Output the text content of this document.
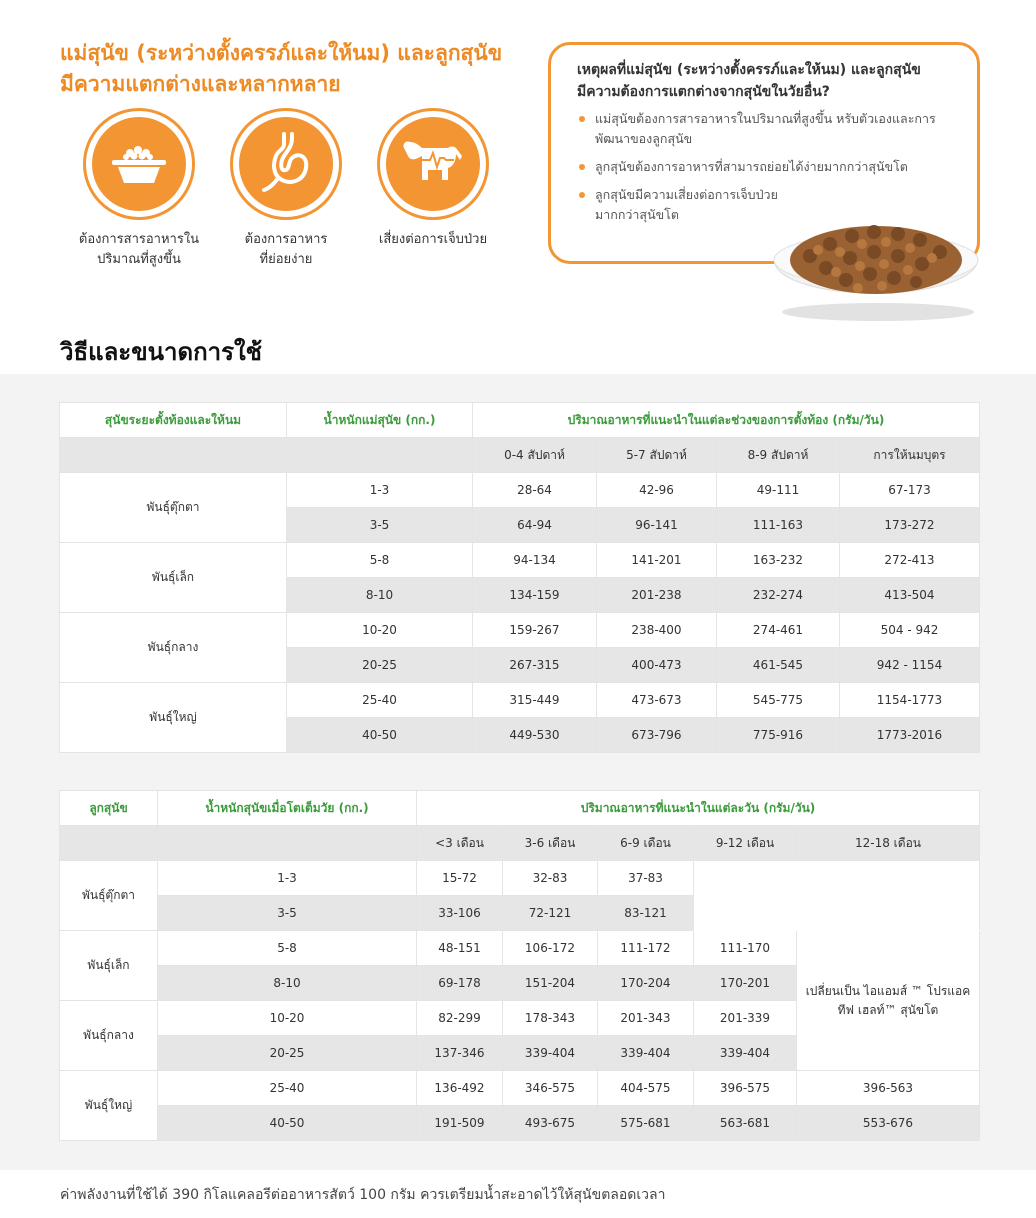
แม่สุนัข (ระหว่างตั้งครรภ์และให้นม) และลูกสุนัข
มีความแตกต่างและหลากหลาย
ต้องการสารอาหารใน
ปริมาณที่สูงขึ้น
ต้องการอาหาร
ที่ย่อยง่าย
เสี่ยงต่อการเจ็บป่วย
เหตุผลที่แม่สุนัข (ระหว่างตั้งครรภ์และให้นม) และลูกสุนัข
มีความต้องการแตกต่างจากสุนัขในวัยอื่น?
แม่สุนัขต้องการสารอาหารในปริมาณที่สูงขึ้น หรับตัวเองและการพัฒนาของลูกสุนัข
ลูกสุนัขต้องการอาหารที่สามารถย่อยได้ง่ายมากกว่าสุนัขโต
ลูกสุนัขมีความเสี่ยงต่อการเจ็บป่วยมากกว่าสุนัขโต
วิธีและขนาดการใช้
สุนัขระยะตั้งท้องและให้นม	น้ำหนักแม่สุนัข (กก.)	ปริมาณอาหารที่แนะนำในแต่ละช่วงของการตั้งท้อง (กรัม/วัน)			
		0-4 สัปดาห์	5-7 สัปดาห์	8-9 สัปดาห์	การให้นมบุตร
พันธุ์ตุ๊กตา	1-3	28-64	42-96	49-111	67-173
	3-5	64-94	96-141	111-163	173-272
พันธุ์เล็ก	5-8	94-134	141-201	163-232	272-413
	8-10	134-159	201-238	232-274	413-504
พันธุ์กลาง	10-20	159-267	238-400	274-461	504 - 942
	20-25	267-315	400-473	461-545	942 - 1154
พันธุ์ใหญ่	25-40	315-449	473-673	545-775	1154-1773
	40-50	449-530	673-796	775-916	1773-2016
ลูกสุนัข	น้ำหนักสุนัขเมื่อโตเต็มวัย (กก.)	ปริมาณอาหารที่แนะนำในแต่ละวัน (กรัม/วัน)				
		<3 เดือน	3-6 เดือน	6-9 เดือน	9-12 เดือน	12-18 เดือน
พันธุ์ตุ๊กตา	1-3	15-72	32-83	37-83		
	3-5	33-106	72-121	83-121		
พันธุ์เล็ก	5-8	48-151	106-172	111-172	111-170	เปลี่ยนเป็น ไอแอมส์ ™ โปรแอค
ทีฟ เฮลท์™ สุนัขโต

	8-10	69-178	151-204	170-204	170-201	
พันธุ์กลาง	10-20	82-299	178-343	201-343	201-339	
	20-25	137-346	339-404	339-404	339-404	
พันธุ์ใหญ่	25-40	136-492	346-575	404-575	396-575	396-563
	40-50	191-509	493-675	575-681	563-681	553-676
ค่าพลังงานที่ใช้ได้ 390 กิโลแคลอรีต่ออาหารสัตว์ 100 กรัม ควรเตรียมน้ำสะอาดไว้ให้สุนัขตลอดเวลา
